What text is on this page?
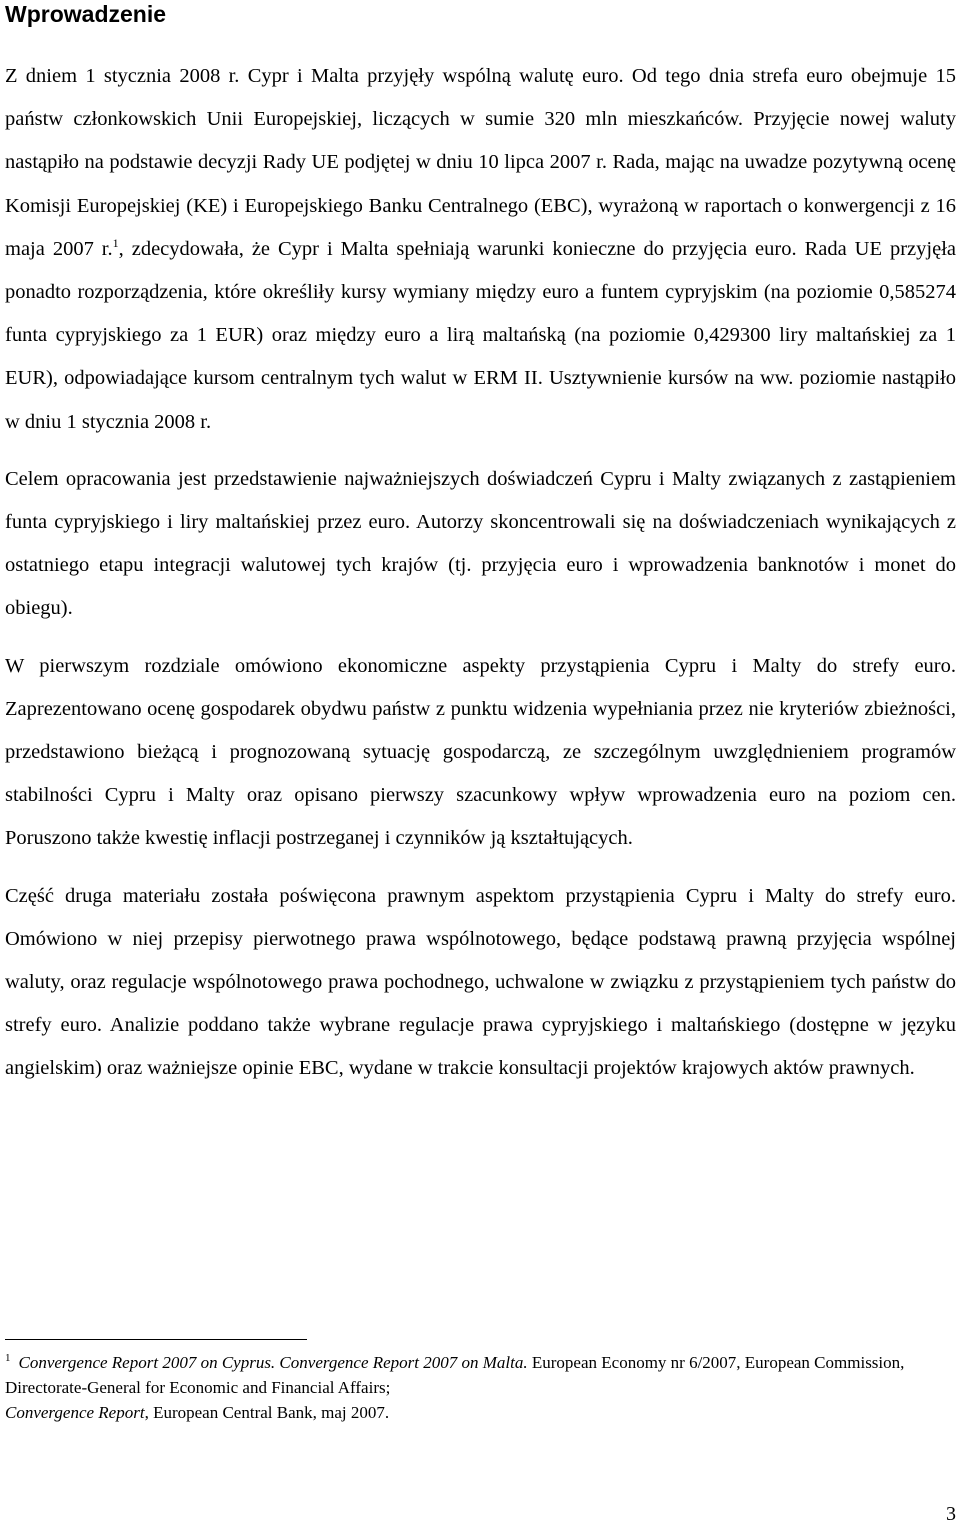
Wprowadzenie

Z dniem 1 stycznia 2008 r. Cypr i Malta przyjęły wspólną walutę euro. Od tego dnia strefa euro obejmuje 15 państw członkowskich Unii Europejskiej, liczących w sumie 320 mln mieszkańców. Przyjęcie nowej waluty nastąpiło na podstawie decyzji Rady UE podjętej w dniu 10 lipca 2007 r. Rada, mając na uwadze pozytywną ocenę Komisji Europejskiej (KE) i Europejskiego Banku Centralnego (EBC), wyrażoną w raportach o konwergencji z 16 maja 2007 r.$^1$, zdecydowała, że Cypr i Malta spełniają warunki konieczne do przyjęcia euro. Rada UE przyjęła ponadto rozporządzenia, które określiły kursy wymiany między euro a funtem cypryjskim (na poziomie 0,585274 funta cypryjskiego za 1 EUR) oraz między euro a lirą maltańską (na poziomie 0,429300 liry maltańskiej za 1 EUR), odpowiadające kursom centralnym tych walut w ERM II. Usztywnienie kursów na ww. poziomie nastąpiło w dniu 1 stycznia 2008 r.

Celem opracowania jest przedstawienie najważniejszych doświadczeń Cypru i Malty związanych z zastąpieniem funta cypryjskiego i liry maltańskiej przez euro. Autorzy skoncentrowali się na doświadczeniach wynikających z ostatniego etapu integracji walutowej tych krajów (tj. przyjęcia euro i wprowadzenia banknotów i monet do obiegu).

W pierwszym rozdziale omówiono ekonomiczne aspekty przystąpienia Cypru i Malty do strefy euro. Zaprezentowano ocenę gospodarek obydwu państw z punktu widzenia wypełniania przez nie kryteriów zbieżności, przedstawiono bieżącą i prognozowaną sytuację gospodarczą, ze szczególnym uwzględnieniem programów stabilności Cypru i Malty oraz opisano pierwszy szacunkowy wpływ wprowadzenia euro na poziom cen. Poruszono także kwestię inflacji postrzeganej i czynników ją kształtujących.

Część druga materiału została poświęcona prawnym aspektom przystąpienia Cypru i Malty do strefy euro. Omówiono w niej przepisy pierwotnego prawa wspólnotowego, będące podstawą prawną przyjęcia wspólnej waluty, oraz regulacje wspólnotowego prawa pochodnego, uchwalone w związku z przystąpieniem tych państw do strefy euro. Analizie poddano także wybrane regulacje prawa cypryjskiego i maltańskiego (dostępne w języku angielskim) oraz ważniejsze opinie EBC, wydane w trakcie konsultacji projektów krajowych aktów prawnych.

$^1$ Convergence Report 2007 on Cyprus. Convergence Report 2007 on Malta. European Economy nr 6/2007, European Commission, Directorate-General for Economic and Financial Affairs;

Convergence Report, European Central Bank, maj 2007.

3
